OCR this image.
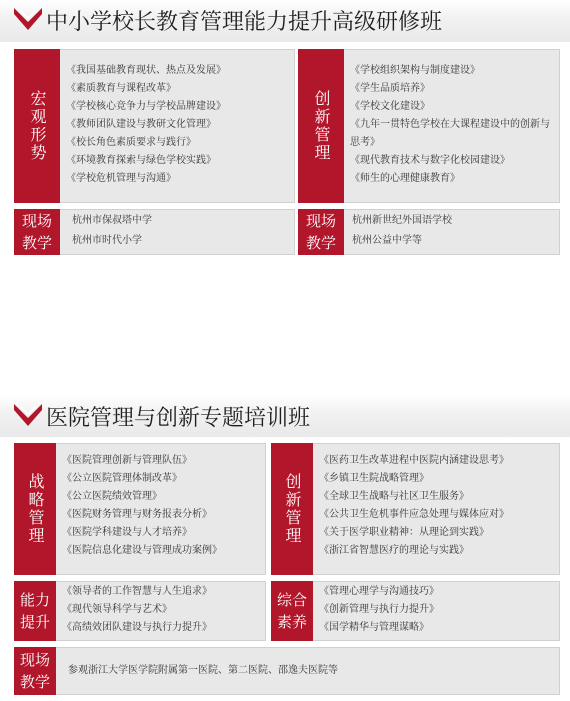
中小学校长教育管理能力提升高级研修班
宏观形势
《我国基础教育现状、热点及发展》
《素质教育与课程改革》
《学校核心竞争力与学校品牌建设》
《教师团队建设与教研文化管理》
《校长角色素质要求与践行》
《环境教育探索与绿色学校实践》
《学校危机管理与沟通》
创新管理
《学校组织架构与制度建设》
《学生品质培养》
《学校文化建设》
《九年一贯特色学校在大课程建设中的创新与思考》
《现代教育技术与数字化校园建设》
《师生的心理健康教育》
现场教学
杭州市保叔塔中学
杭州市时代小学
现场教学
杭州新世纪外国语学校
杭州公益中学等
医院管理与创新专题培训班
战略管理
《医院管理创新与管理队伍》
《公立医院管理体制改革》
《公立医院绩效管理》
《医院财务管理与财务报表分析》
《医院学科建设与人才培养》
《医院信息化建设与管理成功案例》
创新管理
《医药卫生改革进程中医院内涵建设思考》
《乡镇卫生院战略管理》
《全球卫生战略与社区卫生服务》
《公共卫生危机事件应急处理与媒体应对》
《关于医学职业精神：从理论到实践》
《浙江省智慧医疗的理论与实践》
能力提升
《领导者的工作智慧与人生追求》
《现代领导科学与艺术》
《高绩效团队建设与执行力提升》
综合素养
《管理心理学与沟通技巧》
《创新管理与执行力提升》
《国学精华与管理谋略》
现场教学
参观浙江大学医学院附属第一医院、第二医院、邵逸夫医院等
